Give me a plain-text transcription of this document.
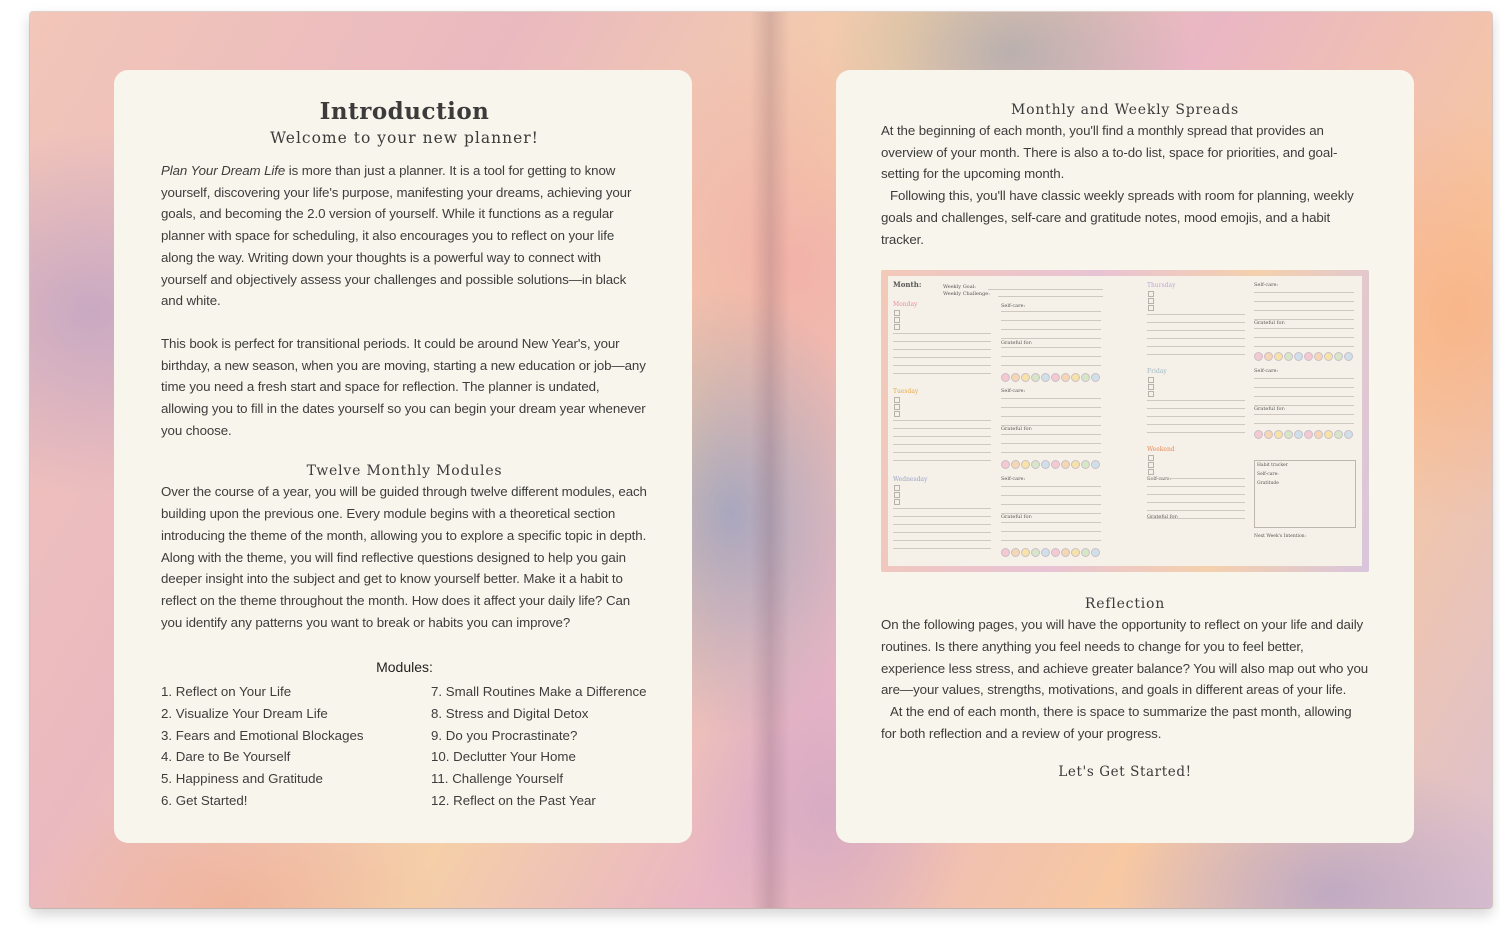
Introduction
Welcome to your new planner!

Plan Your Dream Life is more than just a planner. It is a tool for getting to know yourself, discovering your life's purpose, manifesting your dreams, achieving your goals, and becoming the 2.0 version of yourself. While it functions as a regular planner with space for scheduling, it also encourages you to reflect on your life along the way. Writing down your thoughts is a powerful way to connect with yourself and objectively assess your challenges and possible solutions—in black and white.

This book is perfect for transitional periods. It could be around New Year's, your birthday, a new season, when you are moving, starting a new education or job—any time you need a fresh start and space for reflection. The planner is undated, allowing you to fill in the dates yourself so you can begin your dream year whenever you choose.

Twelve Monthly Modules

Over the course of a year, you will be guided through twelve different modules, each building upon the previous one. Every module begins with a theoretical section introducing the theme of the month, allowing you to explore a specific topic in depth. Along with the theme, you will find reflective questions designed to help you gain deeper insight into the subject and get to know yourself better. Make it a habit to reflect on the theme throughout the month. How does it affect your daily life? Can you identify any patterns you want to break or habits you can improve?

Modules:
1. Reflect on Your Life
2. Visualize Your Dream Life
3. Fears and Emotional Blockages
4. Dare to Be Yourself
5. Happiness and Gratitude
6. Get Started!
7. Small Routines Make a Difference
8. Stress and Digital Detox
9. Do you Procrastinate?
10. Declutter Your Home
11. Challenge Yourself
12. Reflect on the Past Year
Monthly and Weekly Spreads

At the beginning of each month, you'll find a monthly spread that provides an overview of your month. There is also a to-do list, space for priorities, and goal-setting for the upcoming month.

Following this, you'll have classic weekly spreads with room for planning, weekly goals and challenges, self-care and gratitude notes, mood emojis, and a habit tracker.

Month:	Weekly Goal:
Weekly Challenge:
Monday
Tuesday
Wednesday
Thursday
Friday
Weekend
Self-care:
Grateful for:
Self-care:
Grateful for:
Self-care:
Grateful for:
Self-care:
Grateful for:
Self-care:
Grateful for:
Self-care:
Grateful for:
Habit tracker
Self-care:
Gratitude
Next Week's Intention:
Reflection

On the following pages, you will have the opportunity to reflect on your life and daily routines. Is there anything you feel needs to change for you to feel better, experience less stress, and achieve greater balance? You will also map out who you are—your values, strengths, motivations, and goals in different areas of your life.

At the end of each month, there is space to summarize the past month, allowing for both reflection and a review of your progress.

Let's Get Started!
